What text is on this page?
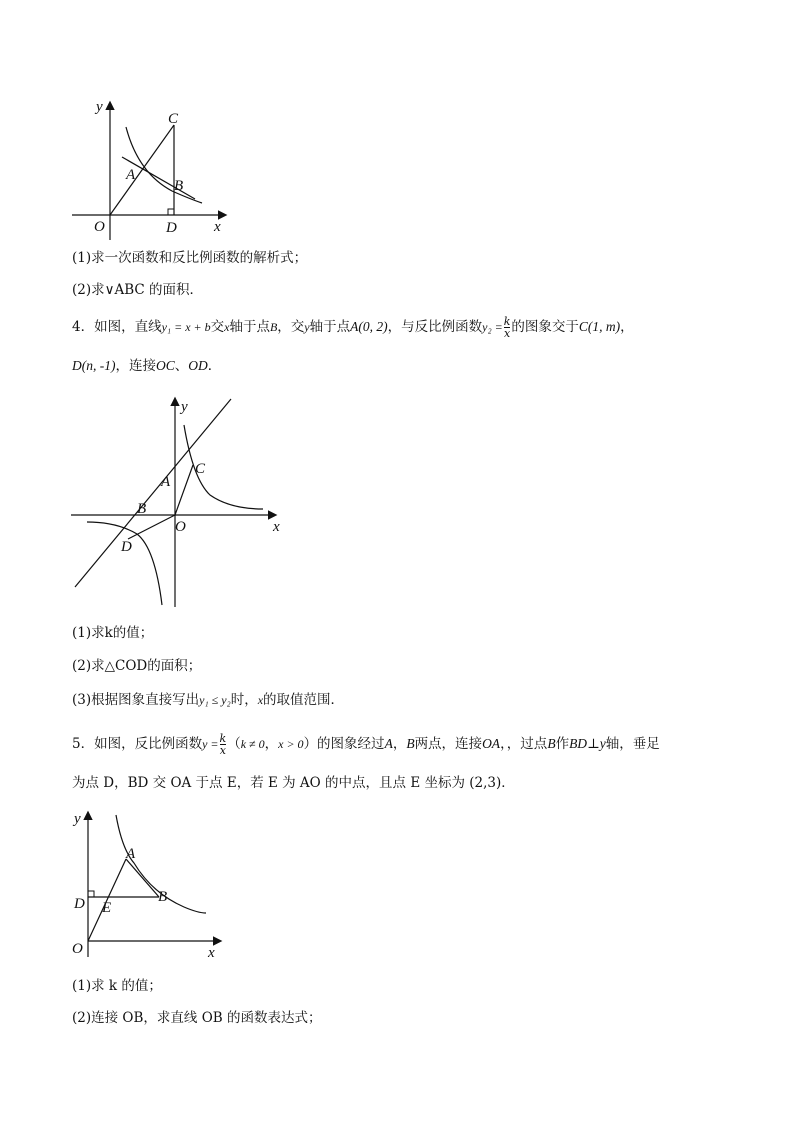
y
x
O
A
B
C
D
(1)求一次函数和反比例函数的解析式；
(2)求∨ABC 的面积．
4．如图，直线y₁ = x + b交x轴于点B，交y轴于点A(0, 2)，与反比例函数$y_2 = \frac{k}{x}$ 的图象交于C(1, m)，
D(n, -1)，连接OC、OD．
y
x
O
A
B
C
D
(1)求k的值；
(2)求△COD的面积；
(3)根据图象直接写出y₁ ≤ y₂时，x的取值范围．
5．如图，反比例函数$y = \frac{k}{x} (k \ne 0$，x > 0）的图象经过A，B两点，连接OA，，过点B作BD⊥y轴，垂足
为点 D，BD 交 OA 于点 E，若 E 为 AO 的中点，且点 E 坐标为 (2,3)．
y
x
O
A
B
D E
(1)求 k 的值；
(2)连接 OB，求直线 OB 的函数表达式；
